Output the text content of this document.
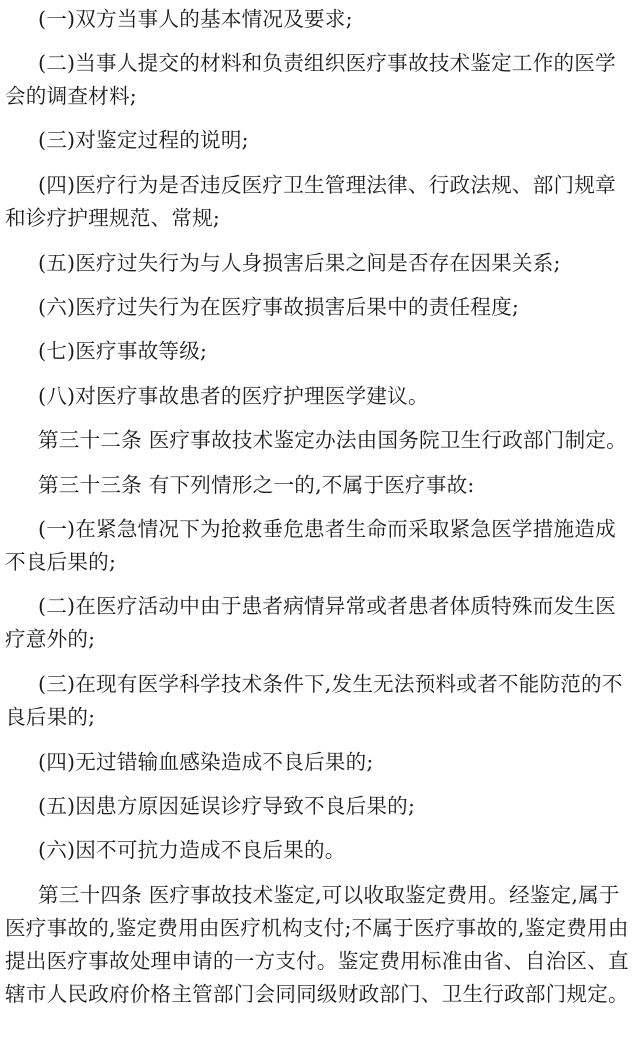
(一)双方当事人的基本情况及要求;

(二)当事人提交的材料和负责组织医疗事故技术鉴定工作的医学会的调查材料;

(三)对鉴定过程的说明;

(四)医疗行为是否违反医疗卫生管理法律、行政法规、部门规章和诊疗护理规范、常规;

(五)医疗过失行为与人身损害后果之间是否存在因果关系;

(六)医疗过失行为在医疗事故损害后果中的责任程度;

(七)医疗事故等级;

(八)对医疗事故患者的医疗护理医学建议。

第三十二条 医疗事故技术鉴定办法由国务院卫生行政部门制定。

第三十三条 有下列情形之一的,不属于医疗事故:

(一)在紧急情况下为抢救垂危患者生命而采取紧急医学措施造成不良后果的;

(二)在医疗活动中由于患者病情异常或者患者体质特殊而发生医疗意外的;

(三)在现有医学科学技术条件下,发生无法预料或者不能防范的不良后果的;

(四)无过错输血感染造成不良后果的;

(五)因患方原因延误诊疗导致不良后果的;

(六)因不可抗力造成不良后果的。

第三十四条 医疗事故技术鉴定,可以收取鉴定费用。经鉴定,属于医疗事故的,鉴定费用由医疗机构支付;不属于医疗事故的,鉴定费用由提出医疗事故处理申请的一方支付。鉴定费用标准由省、自治区、直辖市人民政府价格主管部门会同同级财政部门、卫生行政部门规定。
